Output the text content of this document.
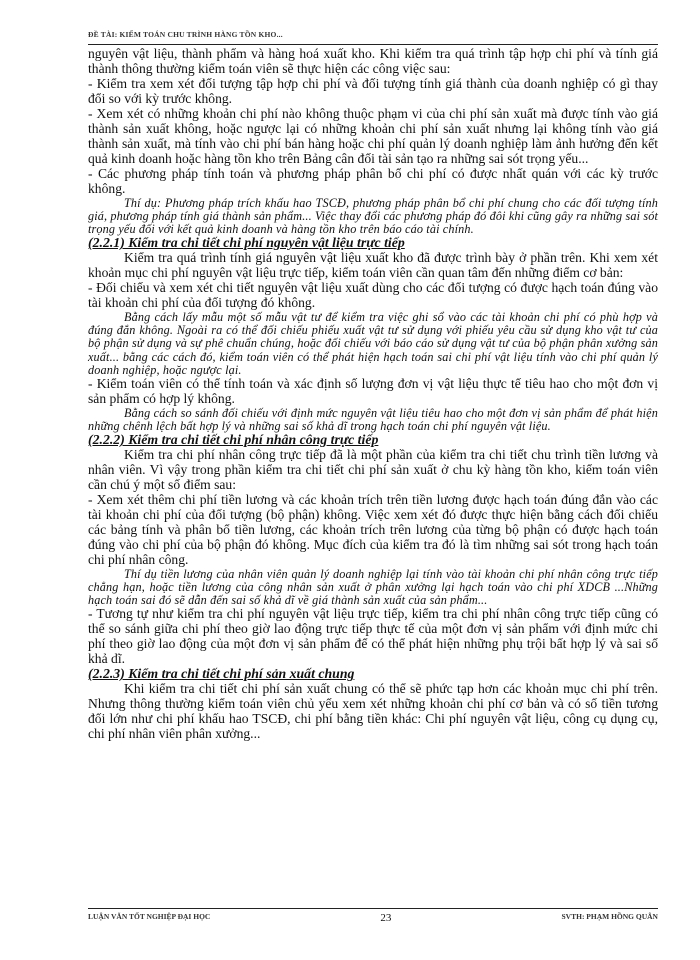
ĐỀ TÀI: KIỂM TOÁN CHU TRÌNH HÀNG TỒN KHO...

nguyên vật liệu, thành phẩm và hàng hoá xuất kho. Khi kiểm tra quá trình tập hợp chi phí và tính giá thành thông thường kiểm toán viên sẽ thực hiện các công việc sau:

- Kiểm tra xem xét đối tượng tập hợp chi phí và đối tượng tính giá thành của doanh nghiệp có gì thay đổi so với kỳ trước không.

- Xem xét có những khoản chi phí nào không thuộc phạm vi của chi phí sản xuất mà được tính vào giá thành sản xuất không, hoặc ngược lại có những khoản chi phí sản xuất nhưng lại không tính vào giá thành sản xuất, mà tính vào chi phí bán hàng hoặc chi phí quản lý doanh nghiệp làm ảnh hưởng đến kết quả kinh doanh hoặc hàng tồn kho trên Bảng cân đối tài sản tạo ra những sai sót trọng yếu...

- Các phương pháp tính toán và phương pháp phân bổ chi phí có được nhất quán với các kỳ trước không.

Thí dụ: Phương pháp trích khấu hao TSCĐ, phương pháp phân bổ chi phí chung cho các đối tượng tính giá, phương pháp tính giá thành sản phẩm... Việc thay đổi các phương pháp đó đôi khi cũng gây ra những sai sót trọng yếu đối với kết quả kinh doanh và hàng tồn kho trên báo cáo tài chính.

(2.2.1) Kiểm tra chi tiết chi phí nguyên vật liệu trực tiếp

Kiểm tra quá trình tính giá nguyên vật liệu xuất kho đã được trình bày ở phần trên. Khi xem xét khoản mục chi phí nguyên vật liệu trực tiếp, kiểm toán viên cần quan tâm đến những điểm cơ bản:

- Đối chiếu và xem xét chi tiết nguyên vật liệu xuất dùng cho các đối tượng có được hạch toán đúng vào tài khoản chi phí của đối tượng đó không.

Bằng cách lấy mẫu một số mẫu vật tư để kiểm tra việc ghi sổ vào các tài khoản chi phí có phù hợp và đúng đắn không. Ngoài ra có thể đối chiếu phiếu xuất vật tư sử dụng với phiếu yêu cầu sử dụng kho vật tư của bộ phận sử dụng và sự phê chuẩn chúng, hoặc đối chiếu với báo cáo sử dụng vật tư của bộ phận phân xưởng sản xuất... bằng các cách đó, kiểm toán viên có thể phát hiện hạch toán sai chi phí vật liệu tính vào chi phí quản lý doanh nghiệp, hoặc ngược lại.

- Kiểm toán viên có thể tính toán và xác định số lượng đơn vị vật liệu thực tế tiêu hao cho một đơn vị sản phẩm có hợp lý không.

Bằng cách so sánh đối chiếu với định mức nguyên vật liệu tiêu hao cho một đơn vị sản phẩm để phát hiện những chênh lệch bất hợp lý và những sai số khả dĩ trong hạch toán chi phí nguyên vật liệu.

(2.2.2) Kiểm tra chi tiết chi phí nhân công trực tiếp

Kiểm tra chi phí nhân công trực tiếp đã là một phần của kiểm tra chi tiết chu trình tiền lương và nhân viên. Vì vậy trong phần kiểm tra chi tiết chi phí sản xuất ở chu kỳ hàng tồn kho, kiểm toán viên cần chú ý một số điểm sau:

- Xem xét thêm chi phí tiền lương và các khoản trích trên tiền lương được hạch toán đúng đắn vào các tài khoản chi phí của đối tượng (bộ phận) không. Việc xem xét đó được thực hiện bằng cách đối chiếu các bảng tính và phân bổ tiền lương, các khoản trích trên lương của từng bộ phận có được hạch toán đúng vào chi phí của bộ phận đó không. Mục đích của kiểm tra đó là tìm những sai sót trong hạch toán chi phí nhân công.

Thí dụ tiền lương của nhân viên quản lý doanh nghiệp lại tính vào tài khoản chi phí nhân công trực tiếp chẳng hạn, hoặc tiền lương của công nhân sản xuất ở phân xưởng lại hạch toán vào chi phí XDCB ...Những hạch toán sai đó sẽ dẫn đến sai số khả dĩ về giá thành sản xuất của sản phẩm...

- Tương tự như kiểm tra chi phí nguyên vật liệu trực tiếp, kiểm tra chi phí nhân công trực tiếp cũng có thể so sánh giữa chi phí theo giờ lao động trực tiếp thực tế của một đơn vị sản phẩm với định mức chi phí theo giờ lao động của một đơn vị sản phẩm để có thể phát hiện những phụ trội bất hợp lý và sai số khả dĩ.

(2.2.3) Kiểm tra chi tiết chi phí sản xuất chung

Khi kiểm tra chi tiết chi phí sản xuất chung có thể sẽ phức tạp hơn các khoản mục chi phí trên. Nhưng thông thường kiểm toán viên chủ yếu xem xét những khoản chi phí cơ bản và có số tiền tương đối lớn như chi phí khấu hao TSCĐ, chi phí bằng tiền khác: Chi phí nguyên vật liệu, công cụ dụng cụ, chi phí nhân viên phân xưởng...

LUẬN VĂN TỐT NGHIỆP ĐẠI HỌC	23	SVTH: PHẠM HỒNG QUÂN
